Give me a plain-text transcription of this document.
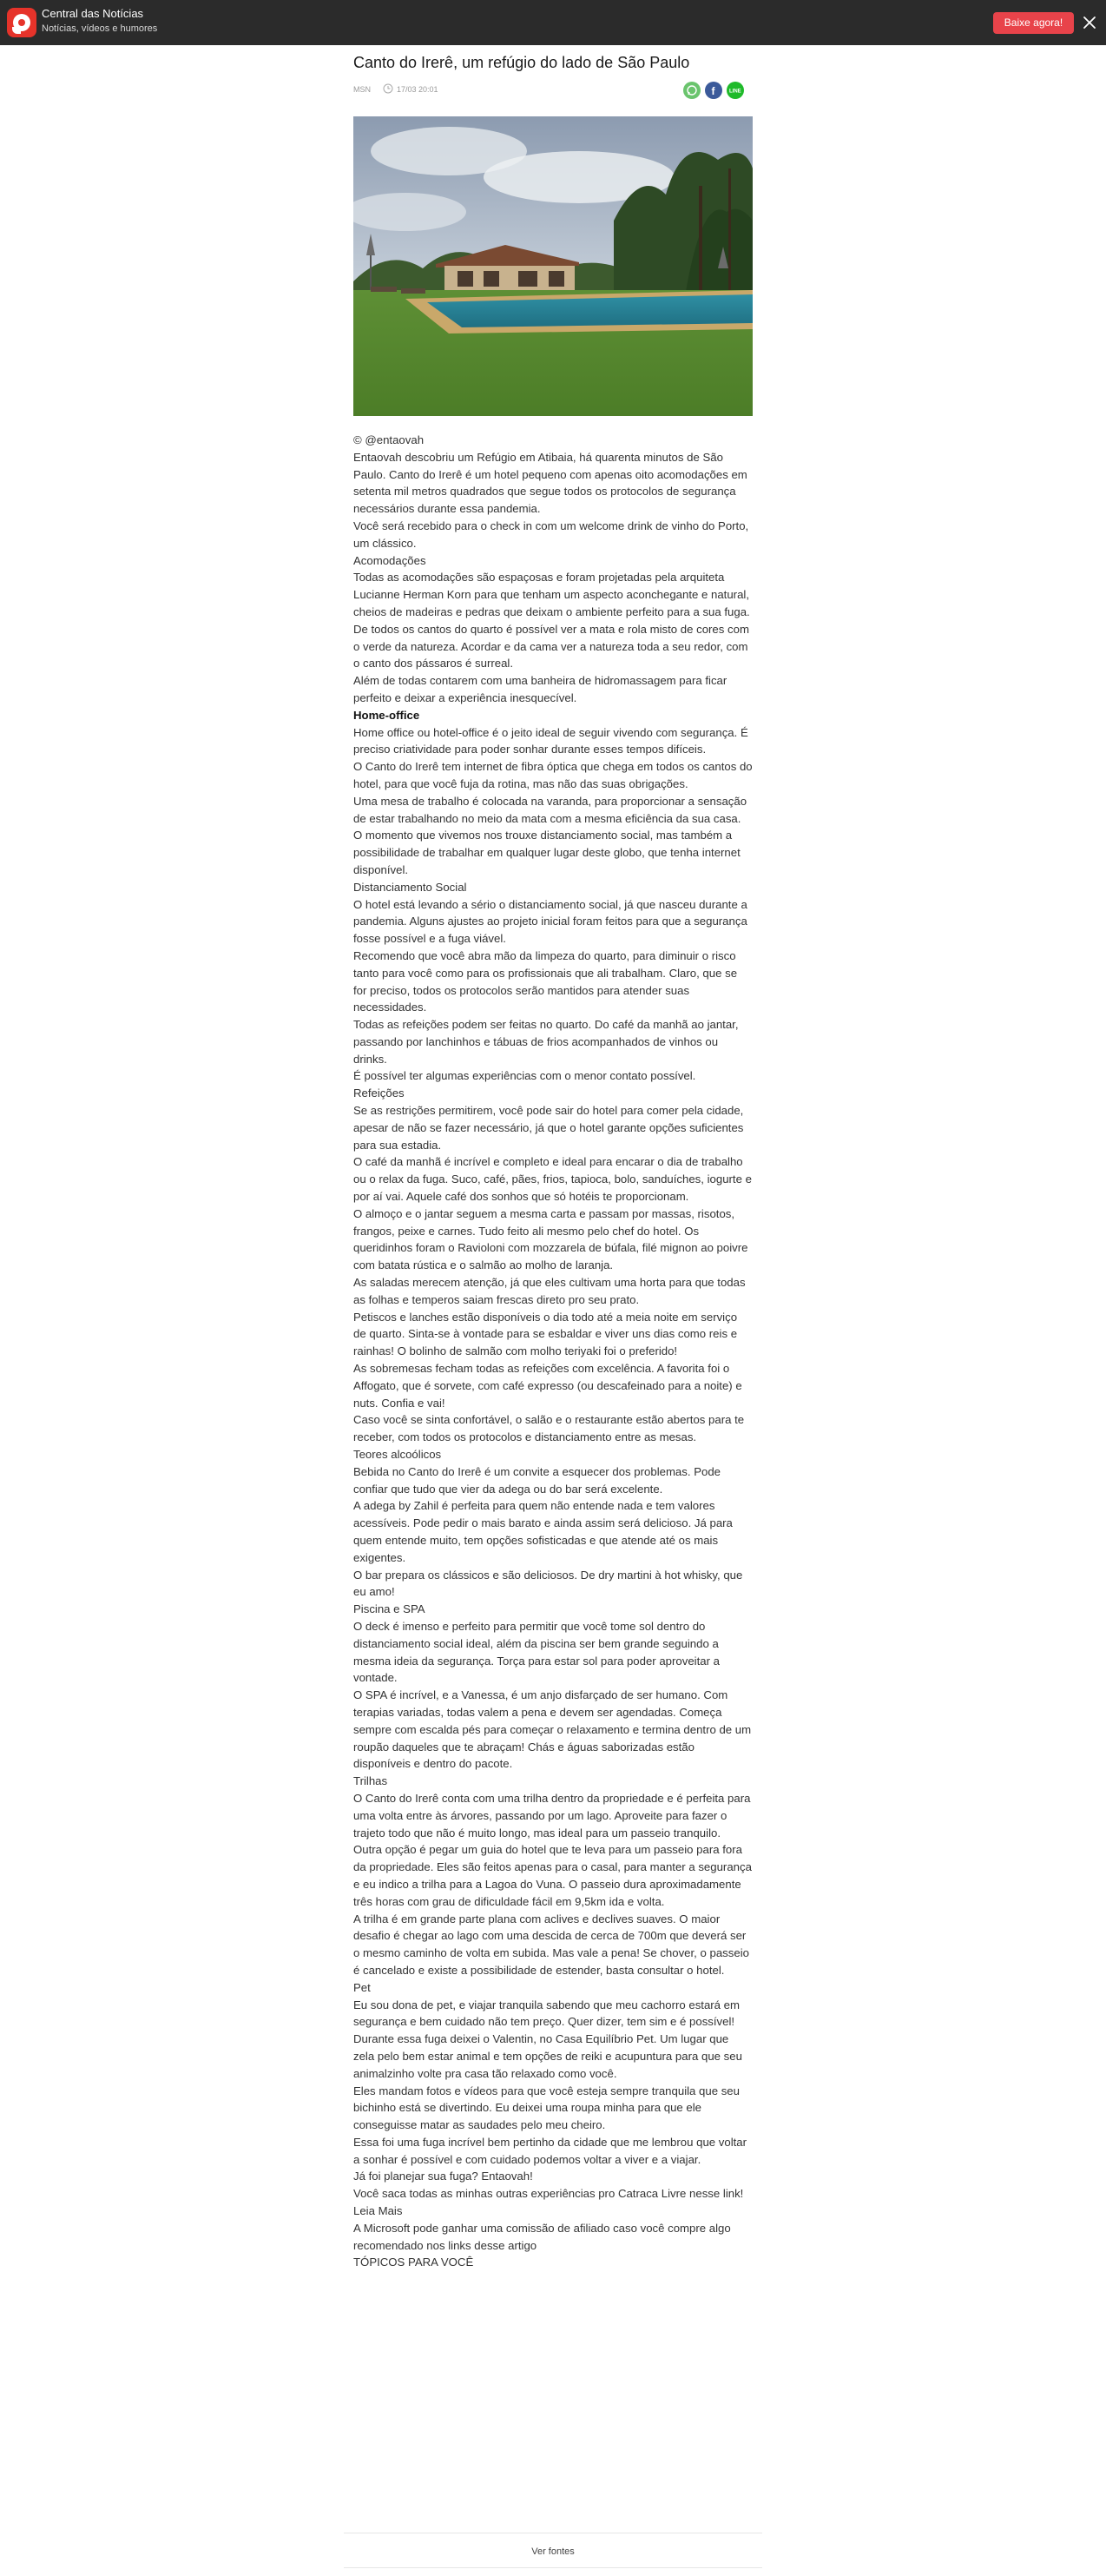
Central das Notícias
Notícias, vídeos e humores	Baixe agora!
Canto do Irerê, um refúgio do lado de São Paulo
MSN	17/03 20:01	f	LINE

© @entaovah

Entaovah descobriu um Refúgio em Atibaia, há quarenta minutos de São Paulo. Canto do Irerê é um hotel pequeno com apenas oito acomodações em setenta mil metros quadrados que segue todos os protocolos de segurança necessários durante essa pandemia.

Você será recebido para o check in com um welcome drink de vinho do Porto, um clássico.

Acomodações

Todas as acomodações são espaçosas e foram projetadas pela arquiteta Lucianne Herman Korn para que tenham um aspecto aconchegante e natural, cheios de madeiras e pedras que deixam o ambiente perfeito para a sua fuga.

De todos os cantos do quarto é possível ver a mata e rola misto de cores com o verde da natureza. Acordar e da cama ver a natureza toda a seu redor, com o canto dos pássaros é surreal.

Além de todas contarem com uma banheira de hidromassagem para ficar perfeito e deixar a experiência inesquecível.

Home-office

Home office ou hotel-office é o jeito ideal de seguir vivendo com segurança. É preciso criatividade para poder sonhar durante esses tempos difíceis.

O Canto do Irerê tem internet de fibra óptica que chega em todos os cantos do hotel, para que você fuja da rotina, mas não das suas obrigações.

Uma mesa de trabalho é colocada na varanda, para proporcionar a sensação de estar trabalhando no meio da mata com a mesma eficiência da sua casa.

O momento que vivemos nos trouxe distanciamento social, mas também a possibilidade de trabalhar em qualquer lugar deste globo, que tenha internet disponível.

Distanciamento Social

O hotel está levando a sério o distanciamento social, já que nasceu durante a pandemia. Alguns ajustes ao projeto inicial foram feitos para que a segurança fosse possível e a fuga viável.

Recomendo que você abra mão da limpeza do quarto, para diminuir o risco tanto para você como para os profissionais que ali trabalham. Claro, que se for preciso, todos os protocolos serão mantidos para atender suas necessidades.

Todas as refeições podem ser feitas no quarto. Do café da manhã ao jantar, passando por lanchinhos e tábuas de frios acompanhados de vinhos ou drinks.

É possível ter algumas experiências com o menor contato possível.

Refeições

Se as restrições permitirem, você pode sair do hotel para comer pela cidade, apesar de não se fazer necessário, já que o hotel garante opções suficientes para sua estadia.

O café da manhã é incrível e completo e ideal para encarar o dia de trabalho ou o relax da fuga. Suco, café, pães, frios, tapioca, bolo, sanduíches, iogurte e por aí vai. Aquele café dos sonhos que só hotéis te proporcionam.

O almoço e o jantar seguem a mesma carta e passam por massas, risotos, frangos, peixe e carnes. Tudo feito ali mesmo pelo chef do hotel. Os queridinhos foram o Ravioloni com mozzarela de búfala, filé mignon ao poivre com batata rústica e o salmão ao molho de laranja.

As saladas merecem atenção, já que eles cultivam uma horta para que todas as folhas e temperos saiam frescas direto pro seu prato.

Petiscos e lanches estão disponíveis o dia todo até a meia noite em serviço de quarto. Sinta-se à vontade para se esbaldar e viver uns dias como reis e rainhas! O bolinho de salmão com molho teriyaki foi o preferido!

As sobremesas fecham todas as refeições com excelência. A favorita foi o Affogato, que é sorvete, com café expresso (ou descafeinado para a noite) e nuts. Confia e vai!

Caso você se sinta confortável, o salão e o restaurante estão abertos para te receber, com todos os protocolos e distanciamento entre as mesas.

Teores alcoólicos

Bebida no Canto do Irerê é um convite a esquecer dos problemas. Pode confiar que tudo que vier da adega ou do bar será excelente.

A adega by Zahil é perfeita para quem não entende nada e tem valores acessíveis. Pode pedir o mais barato e ainda assim será delicioso. Já para quem entende muito, tem opções sofisticadas e que atende até os mais exigentes.

O bar prepara os clássicos e são deliciosos. De dry martini à hot whisky, que eu amo!

Piscina e SPA

O deck é imenso e perfeito para permitir que você tome sol dentro do distanciamento social ideal, além da piscina ser bem grande seguindo a mesma ideia da segurança. Torça para estar sol para poder aproveitar a vontade.

O SPA é incrível, e a Vanessa, é um anjo disfarçado de ser humano. Com terapias variadas, todas valem a pena e devem ser agendadas. Começa sempre com escalda pés para começar o relaxamento e termina dentro de um roupão daqueles que te abraçam! Chás e águas saborizadas estão disponíveis e dentro do pacote.

Trilhas

O Canto do Irerê conta com uma trilha dentro da propriedade e é perfeita para uma volta entre às árvores, passando por um lago. Aproveite para fazer o trajeto todo que não é muito longo, mas ideal para um passeio tranquilo.

Outra opção é pegar um guia do hotel que te leva para um passeio para fora da propriedade. Eles são feitos apenas para o casal, para manter a segurança e eu indico a trilha para a Lagoa do Vuna. O passeio dura aproximadamente três horas com grau de dificuldade fácil em 9,5km ida e volta.

A trilha é em grande parte plana com aclives e declives suaves. O maior desafio é chegar ao lago com uma descida de cerca de 700m que deverá ser o mesmo caminho de volta em subida. Mas vale a pena! Se chover, o passeio é cancelado e existe a possibilidade de estender, basta consultar o hotel.

Pet

Eu sou dona de pet, e viajar tranquila sabendo que meu cachorro estará em segurança e bem cuidado não tem preço. Quer dizer, tem sim e é possível! Durante essa fuga deixei o Valentin, no Casa Equilíbrio Pet. Um lugar que zela pelo bem estar animal e tem opções de reiki e acupuntura para que seu animalzinho volte pra casa tão relaxado como você.

Eles mandam fotos e vídeos para que você esteja sempre tranquila que seu bichinho está se divertindo. Eu deixei uma roupa minha para que ele conseguisse matar as saudades pelo meu cheiro.

Essa foi uma fuga incrível bem pertinho da cidade que me lembrou que voltar a sonhar é possível e com cuidado podemos voltar a viver e a viajar.

Já foi planejar sua fuga? Entaovah!

Você saca todas as minhas outras experiências pro Catraca Livre nesse link!

Leia Mais

A Microsoft pode ganhar uma comissão de afiliado caso você compre algo recomendado nos links desse artigo

TÓPICOS PARA VOCÊ

Ver fontes
